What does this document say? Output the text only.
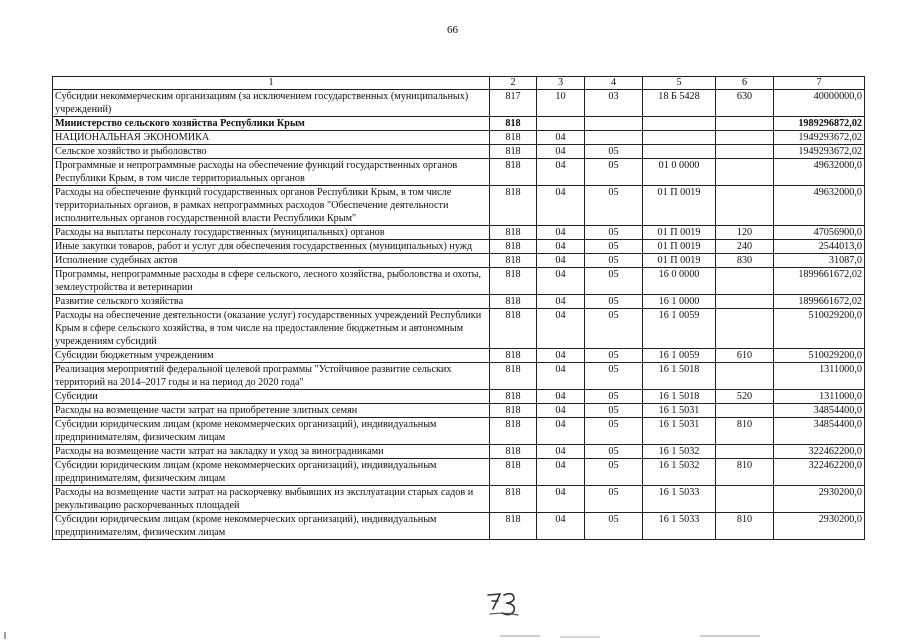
66
1	2	3	4	5	6	7
Субсидии некоммерческим организациям (за исключением государственных (муниципальных) учреждений)	817	10	03	18 Б 5428	630	40000000,0
Министерство сельского хозяйства Республики Крым	818					1989296872,02
НАЦИОНАЛЬНАЯ ЭКОНОМИКА	818	04				1949293672,02
Сельское хозяйство и рыболовство	818	04	05			1949293672,02
Программные и непрограммные расходы на обеспечение функций государственных органов Республики Крым, в том числе территориальных органов	818	04	05	01 0 0000		49632000,0
Расходы на обеспечение функций государственных органов Республики Крым, в том числе территориальных органов, в рамках непрограммных расходов "Обеспечение деятельности исполнительных органов государственной власти Республики Крым"	818	04	05	01 П 0019		49632000,0
Расходы на выплаты персоналу государственных (муниципальных) органов	818	04	05	01 П 0019	120	47056900,0
Иные закупки товаров, работ и услуг для обеспечения государственных (муниципальных) нужд	818	04	05	01 П 0019	240	2544013,0
Исполнение судебных актов	818	04	05	01 П 0019	830	31087,0
Программы, непрограммные расходы в сфере сельского, лесного хозяйства, рыболовства и охоты, землеустройства и ветеринарии	818	04	05	16 0 0000		1899661672,02
Развитие сельского хозяйства	818	04	05	16 1 0000		1899661672,02
Расходы на обеспечение деятельности (оказание услуг) государственных учреждений Республики Крым в сфере сельского хозяйства, в том числе на предоставление бюджетным и автономным учреждениям субсидий	818	04	05	16 1 0059		510029200,0
Субсидии бюджетным учреждениям	818	04	05	16 1 0059	610	510029200,0
Реализация мероприятий федеральной целевой программы "Устойчивое развитие сельских территорий на 2014–2017 годы и на период до 2020 года"	818	04	05	16 1 5018		1311000,0
Субсидии	818	04	05	16 1 5018	520	1311000,0
Расходы на возмещение части затрат на приобретение элитных семян	818	04	05	16 1 5031		34854400,0
Субсидии юридическим лицам (кроме некоммерческих организаций), индивидуальным предпринимателям, физическим лицам	818	04	05	16 1 5031	810	34854400,0
Расходы на возмещение части затрат на закладку и уход за виноградниками	818	04	05	16 1 5032		322462200,0
Субсидии юридическим лицам (кроме некоммерческих организаций), индивидуальным предпринимателям, физическим лицам	818	04	05	16 1 5032	810	322462200,0
Расходы на возмещение части затрат на раскорчевку выбывших из эксплуатации старых садов и рекультивацию раскорчеванных площадей	818	04	05	16 1 5033		2930200,0
Субсидии юридическим лицам (кроме некоммерческих организаций), индивидуальным предпринимателям, физическим лицам	818	04	05	16 1 5033	810	2930200,0
